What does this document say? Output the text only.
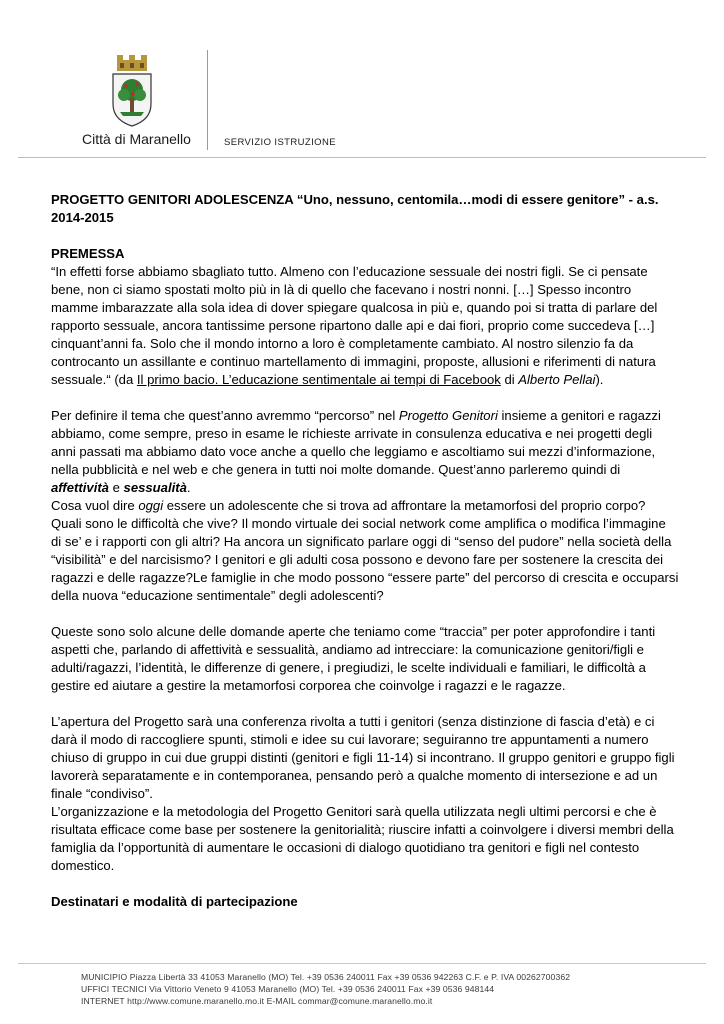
Città di Maranello	SERVIZIO ISTRUZIONE

PROGETTO GENITORI ADOLESCENZA “Uno, nessuno, centomila…modi di essere genitore” - a.s. 2014-2015

PREMESSA

“In effetti forse abbiamo sbagliato tutto. Almeno con l’educazione sessuale dei nostri figli. Se ci pensate bene, non ci siamo spostati molto più in là di quello che facevano i nostri nonni. […] Spesso incontro mamme imbarazzate alla sola idea di dover spiegare qualcosa in più e, quando poi si tratta di parlare del rapporto sessuale, ancora tantissime persone ripartono dalle api e dai fiori, proprio come succedeva […] cinquant’anni fa. Solo che il mondo intorno a loro è completamente cambiato. Al nostro silenzio fa da controcanto un assillante e continuo martellamento di immagini, proposte, allusioni e riferimenti di natura sessuale.“ (da Il primo bacio. L’educazione sentimentale ai tempi di Facebook di Alberto Pellai).

Per definire il tema che quest’anno avremmo “percorso” nel Progetto Genitori insieme a genitori e ragazzi abbiamo, come sempre, preso in esame le richieste arrivate in consulenza educativa e nei progetti degli anni passati ma abbiamo dato voce anche a quello che leggiamo e ascoltiamo sui mezzi d’informazione, nella pubblicità e nel web e che genera in tutti noi molte domande. Quest’anno parleremo quindi di affettività e sessualità.

Cosa vuol dire oggi essere un adolescente che si trova ad affrontare la metamorfosi del proprio corpo? Quali sono le difficoltà che vive? Il mondo virtuale dei social network come amplifica o modifica l’immagine di se’ e i rapporti con gli altri? Ha ancora un significato parlare oggi di “senso del pudore” nella società della “visibilità” e del narcisismo? I genitori e gli adulti cosa possono e devono fare per sostenere la crescita dei ragazzi e delle ragazze?Le famiglie in che modo possono “essere parte” del percorso di crescita e occuparsi della nuova “educazione sentimentale” degli adolescenti?

Queste sono solo alcune delle domande aperte che teniamo come “traccia” per poter approfondire i tanti aspetti che, parlando di affettività e sessualità, andiamo ad intrecciare: la comunicazione genitori/figli e adulti/ragazzi, l’identità, le differenze di genere, i pregiudizi, le scelte individuali e familiari, le difficoltà a gestire ed aiutare a gestire la metamorfosi corporea che coinvolge i ragazzi e le ragazze.

L’apertura del Progetto sarà una conferenza rivolta a tutti i genitori (senza distinzione di fascia d’età) e ci darà il modo di raccogliere spunti, stimoli e idee su cui lavorare; seguiranno tre appuntamenti a numero chiuso di gruppo in cui due gruppi distinti (genitori e figli 11-14) si incontrano. Il gruppo genitori e gruppo figli lavorerà separatamente e in contemporanea, pensando però a qualche momento di intersezione e ad un finale “condiviso”.

L’organizzazione e la metodologia del Progetto Genitori sarà quella utilizzata negli ultimi percorsi e che è risultata efficace come base per sostenere la genitorialità; riuscire infatti a coinvolgere i diversi membri della famiglia da l’opportunità di aumentare le occasioni di dialogo quotidiano tra genitori e figli nel contesto domestico.

Destinatari e modalità di partecipazione

MUNICIPIO Piazza Libertà 33 41053 Maranello (MO) Tel. +39 0536 240011 Fax +39 0536 942263 C.F. e P. IVA 00262700362
UFFICI TECNICI Via Vittorio Veneto 9 41053 Maranello (MO) Tel. +39 0536 240011 Fax +39 0536 948144
INTERNET http://www.comune.maranello.mo.it E-MAIL commar@comune.maranello.mo.it
